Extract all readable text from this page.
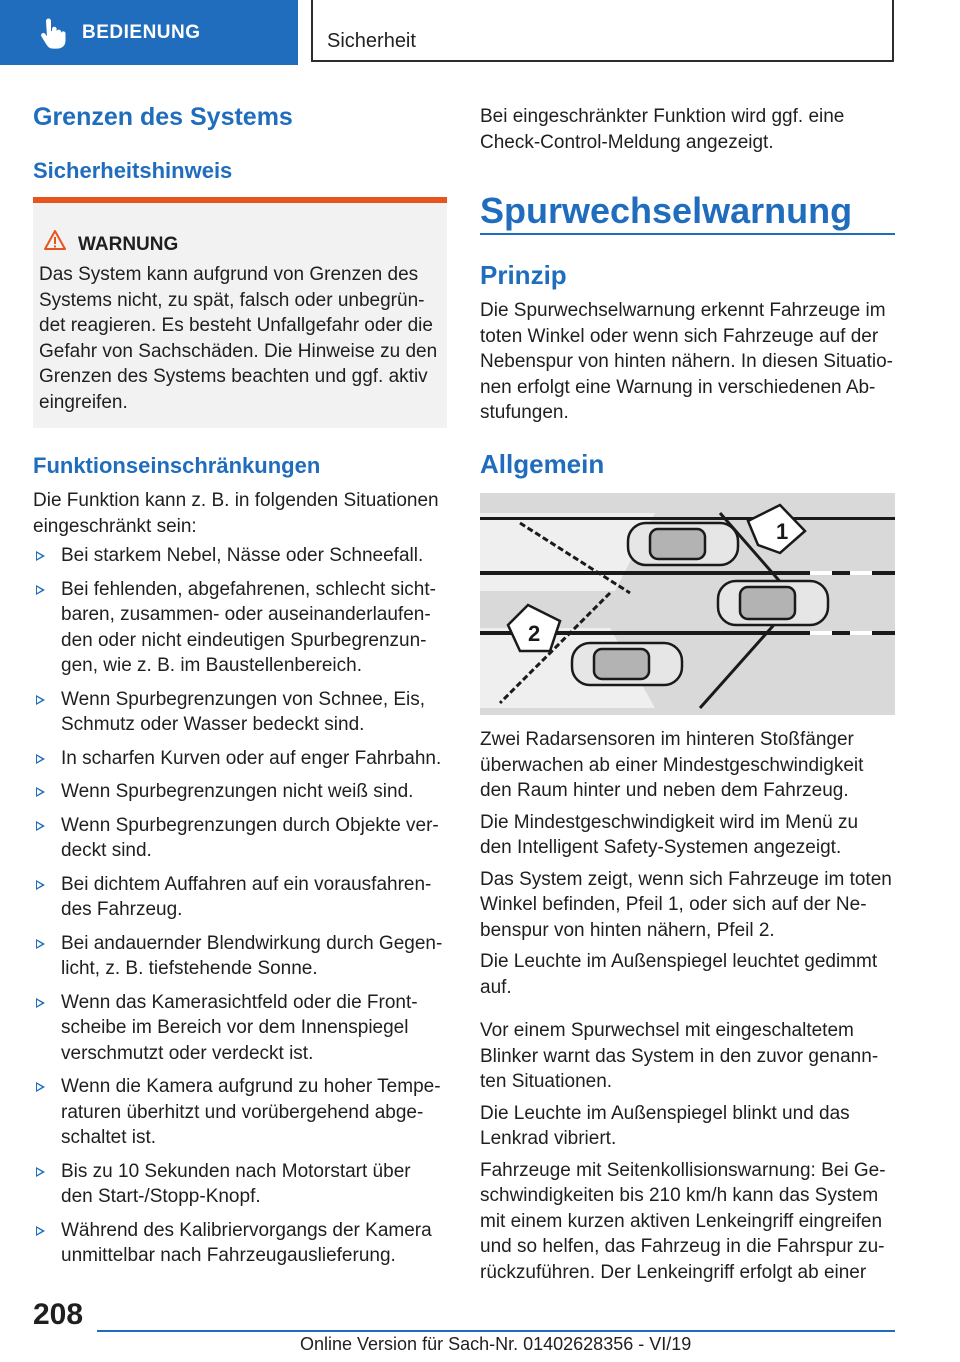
BEDIENUNG	Sicherheit
Grenzen des Systems
Sicherheitshinweis
WARNUNG

Das System kann aufgrund von Grenzen des Systems nicht, zu spät, falsch oder unbegrün‐det reagieren. Es besteht Unfallgefahr oder die Gefahr von Sachschäden. Die Hinweise zu den Grenzen des Systems beachten und ggf. aktiv eingreifen.

Funktionseinschränkungen

Die Funktion kann z. B. in folgenden Situationen eingeschränkt sein:

Bei starkem Nebel, Nässe oder Schneefall.
Bei fehlenden, abgefahrenen, schlecht sicht‐baren, zusammen- oder auseinanderlaufen‐den oder nicht eindeutigen Spurbegrenzun‐gen, wie z. B. im Baustellenbereich.
Wenn Spurbegrenzungen von Schnee, Eis, Schmutz oder Wasser bedeckt sind.
In scharfen Kurven oder auf enger Fahrbahn.
Wenn Spurbegrenzungen nicht weiß sind.
Wenn Spurbegrenzungen durch Objekte ver‐deckt sind.
Bei dichtem Auffahren auf ein vorausfahren‐des Fahrzeug.
Bei andauernder Blendwirkung durch Gegen‐licht, z. B. tiefstehende Sonne.
Wenn das Kamerasichtfeld oder die Front‐scheibe im Bereich vor dem Innenspiegel verschmutzt oder verdeckt ist.
Wenn die Kamera aufgrund zu hoher Tempe‐raturen überhitzt und vorübergehend abge‐schaltet ist.
Bis zu 10 Sekunden nach Motorstart über den Start-/Stopp-Knopf.
Während des Kalibriervorgangs der Kamera unmittelbar nach Fahrzeugauslieferung.

Bei eingeschränkter Funktion wird ggf. eine Check-Control-Meldung angezeigt.

Spurwechselwarnung
Prinzip

Die Spurwechselwarnung erkennt Fahrzeuge im toten Winkel oder wenn sich Fahrzeuge auf der Nebenspur von hinten nähern. In diesen Situatio‐nen erfolgt eine Warnung in verschiedenen Ab‐stufungen.

Allgemein
1
2

Zwei Radarsensoren im hinteren Stoßfänger überwachen ab einer Mindestgeschwindigkeit den Raum hinter und neben dem Fahrzeug.

Die Mindestgeschwindigkeit wird im Menü zu den Intelligent Safety-Systemen angezeigt.

Das System zeigt, wenn sich Fahrzeuge im toten Winkel befinden, Pfeil 1, oder sich auf der Ne‐benspur von hinten nähern, Pfeil 2.

Die Leuchte im Außenspiegel leuchtet gedimmt auf.

Vor einem Spurwechsel mit eingeschaltetem Blinker warnt das System in den zuvor genann‐ten Situationen.

Die Leuchte im Außenspiegel blinkt und das Lenkrad vibriert.

Fahrzeuge mit Seitenkollisionswarnung: Bei Ge‐schwindigkeiten bis 210 km/h kann das System mit einem kurzen aktiven Lenkeingriff eingreifen und so helfen, das Fahrzeug in die Fahrspur zu‐rückzuführen. Der Lenkeingriff erfolgt ab einer

208
Online Version für Sach-Nr. 01402628356 - VI/19
